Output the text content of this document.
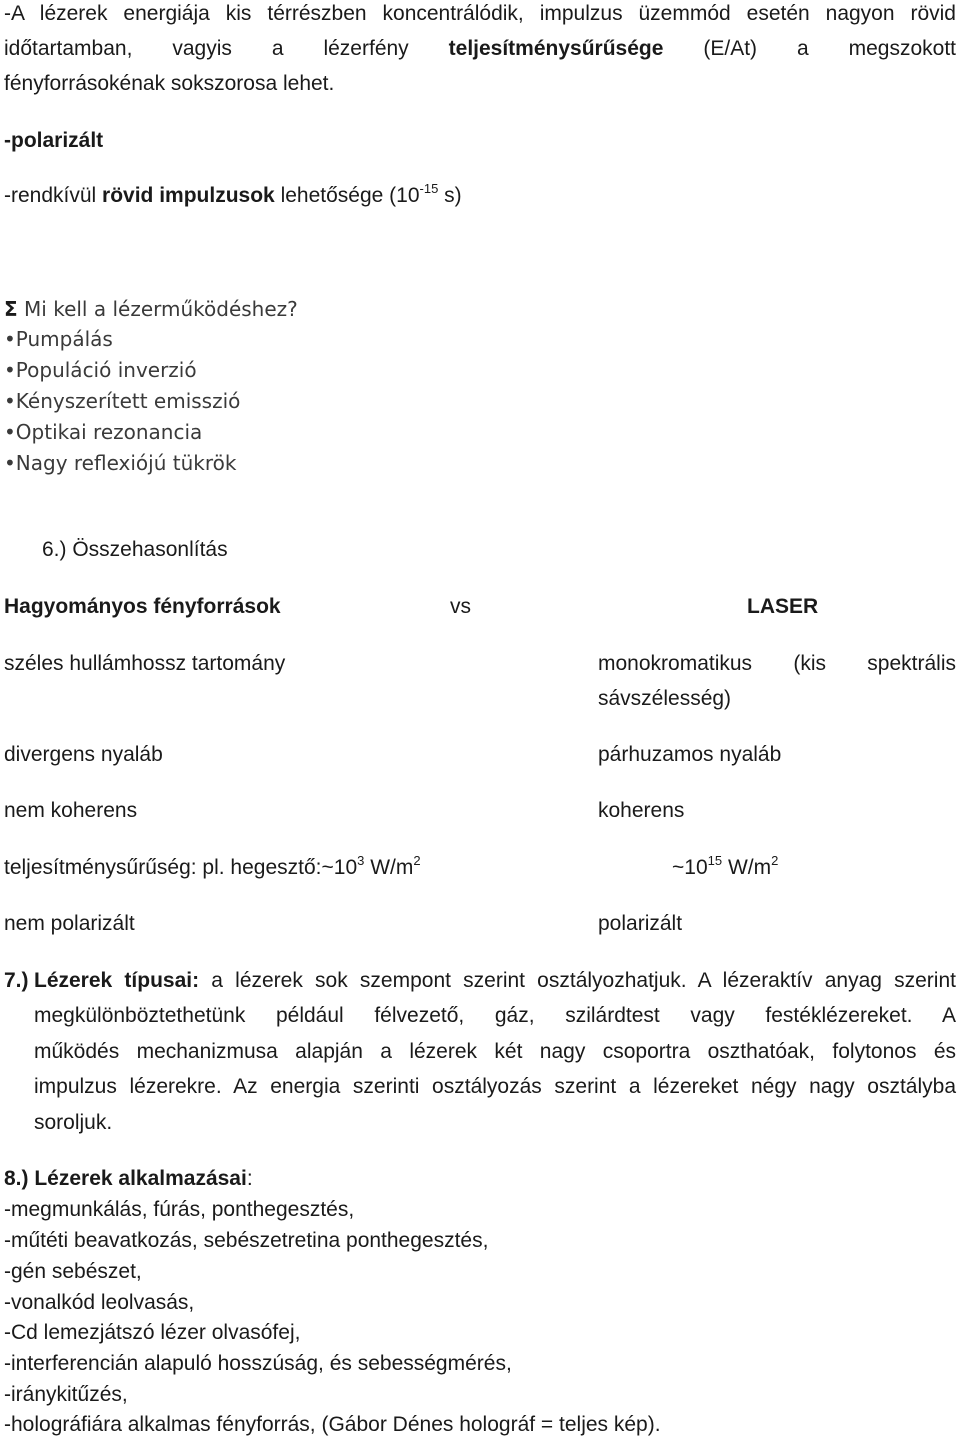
-A lézerek energiája kis térrészben koncentrálódik, impulzus üzemmód esetén nagyon rövid
időtartamban, vagyis a lézerfény teljesítménysűrűsége (E/At) a megszokott
fényforrásokénak sokszorosa lehet.
-polarizált
-rendkívül rövid impulzusok lehetősége ($10^{-15}$ s)
Σ Mi kell a lézerműködéshez?
•Pumpálás
•Populáció inverzió
•Kényszerített emisszió
•Optikai rezonancia
•Nagy reflexiójú tükrök
6.) Összehasonlítás
Hagyományos fényforrások	vs	LASER
széles hullámhossz tartomány	monokromatikus (kis spektrális
sávszélesség)
divergens nyaláb	párhuzamos nyaláb
nem koherens	koherens
teljesítménysűrűség: pl. $hegesztő:\sim 10^3$ $W/m^2$	$\sim 10^{15}$ $W/m^2$
nem polarizált	polarizált
7.) Lézerek típusai: a lézerek sok szempont szerint osztályozhatjuk. A lézeraktív anyag szerint
megkülönböztethetünk például félvezető, gáz, szilárdtest vagy festéklézereket. A
működés mechanizmusa alapján a lézerek két nagy csoportra oszthatóak, folytonos és
impulzus lézerekre. Az energia szerinti osztályozás szerint a lézereket négy nagy osztályba
soroljuk.
8.) Lézerek alkalmazásai:
-megmunkálás, fúrás, ponthegesztés,
-műtéti beavatkozás, sebészetretina ponthegesztés,
-gén sebészet,
-vonalkód leolvasás,
-Cd lemezjátszó lézer olvasófej,
-interferencián alapuló hosszúság, és sebességmérés,
-iránykitűzés,
-holográfiára alkalmas fényforrás, (Gábor Dénes holográf = teljes kép).
